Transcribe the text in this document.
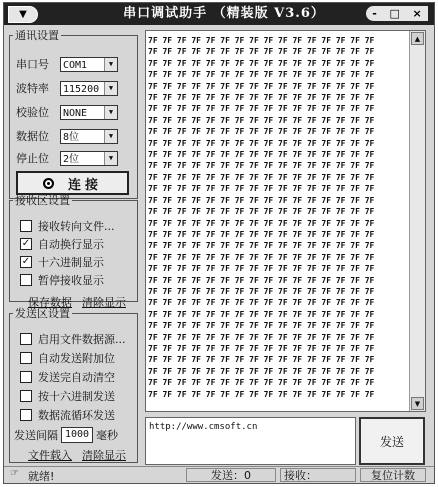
▼	串口调试助手 （精装版 V3.6）	- □ ×
通讯设置
串口号	COM1	▼
波特率	115200	▼
校验位	NONE	▼
数据位	8位	▼
停止位	2位	▼
连接
接收区设置
接收转向文件...
✓ 自动换行显示
✓ 十六进制显示
暂停接收显示
保存数据 清除显示
发送区设置
启用文件数据源...
自动发送附加位
发送完自动清空
按十六进制发送
数据流循环发送
发送间隔 1000 毫秒
文件载入 清除显示
7F 7F 7F 7F 7F 7F 7F 7F 7F 7F 7F 7F 7F 7F 7F 7F
7F 7F 7F 7F 7F 7F 7F 7F 7F 7F 7F 7F 7F 7F 7F 7F
7F 7F 7F 7F 7F 7F 7F 7F 7F 7F 7F 7F 7F 7F 7F 7F
7F 7F 7F 7F 7F 7F 7F 7F 7F 7F 7F 7F 7F 7F 7F 7F
7F 7F 7F 7F 7F 7F 7F 7F 7F 7F 7F 7F 7F 7F 7F 7F
7F 7F 7F 7F 7F 7F 7F 7F 7F 7F 7F 7F 7F 7F 7F 7F
7F 7F 7F 7F 7F 7F 7F 7F 7F 7F 7F 7F 7F 7F 7F 7F
7F 7F 7F 7F 7F 7F 7F 7F 7F 7F 7F 7F 7F 7F 7F 7F
7F 7F 7F 7F 7F 7F 7F 7F 7F 7F 7F 7F 7F 7F 7F 7F
7F 7F 7F 7F 7F 7F 7F 7F 7F 7F 7F 7F 7F 7F 7F 7F
7F 7F 7F 7F 7F 7F 7F 7F 7F 7F 7F 7F 7F 7F 7F 7F
7F 7F 7F 7F 7F 7F 7F 7F 7F 7F 7F 7F 7F 7F 7F 7F
7F 7F 7F 7F 7F 7F 7F 7F 7F 7F 7F 7F 7F 7F 7F 7F
7F 7F 7F 7F 7F 7F 7F 7F 7F 7F 7F 7F 7F 7F 7F 7F
7F 7F 7F 7F 7F 7F 7F 7F 7F 7F 7F 7F 7F 7F 7F 7F
7F 7F 7F 7F 7F 7F 7F 7F 7F 7F 7F 7F 7F 7F 7F 7F
7F 7F 7F 7F 7F 7F 7F 7F 7F 7F 7F 7F 7F 7F 7F 7F
7F 7F 7F 7F 7F 7F 7F 7F 7F 7F 7F 7F 7F 7F 7F 7F
7F 7F 7F 7F 7F 7F 7F 7F 7F 7F 7F 7F 7F 7F 7F 7F
7F 7F 7F 7F 7F 7F 7F 7F 7F 7F 7F 7F 7F 7F 7F 7F
7F 7F 7F 7F 7F 7F 7F 7F 7F 7F 7F 7F 7F 7F 7F 7F
7F 7F 7F 7F 7F 7F 7F 7F 7F 7F 7F 7F 7F 7F 7F 7F
7F 7F 7F 7F 7F 7F 7F 7F 7F 7F 7F 7F 7F 7F 7F 7F
7F 7F 7F 7F 7F 7F 7F 7F 7F 7F 7F 7F 7F 7F 7F 7F
7F 7F 7F 7F 7F 7F 7F 7F 7F 7F 7F 7F 7F 7F 7F 7F
7F 7F 7F 7F 7F 7F 7F 7F 7F 7F 7F 7F 7F 7F 7F 7F
7F 7F 7F 7F 7F 7F 7F 7F 7F 7F 7F 7F 7F 7F 7F 7F
7F 7F 7F 7F 7F 7F 7F 7F 7F 7F 7F 7F 7F 7F 7F 7F
7F 7F 7F 7F 7F 7F 7F 7F 7F 7F 7F 7F 7F 7F 7F 7F
7F 7F 7F 7F 7F 7F 7F 7F 7F 7F 7F 7F 7F 7F 7F 7F
7F 7F 7F 7F 7F 7F 7F 7F 7F 7F 7F 7F 7F 7F 7F 7F
7F 7F 7F 7F 7F 7F 7F 7F 7F 7F 7F 7F 7F 7F 7F 7F
▲
▼
http://www.cmsoft.cn
发送
☞ 就绪!	发送：0	接收：	复位计数
